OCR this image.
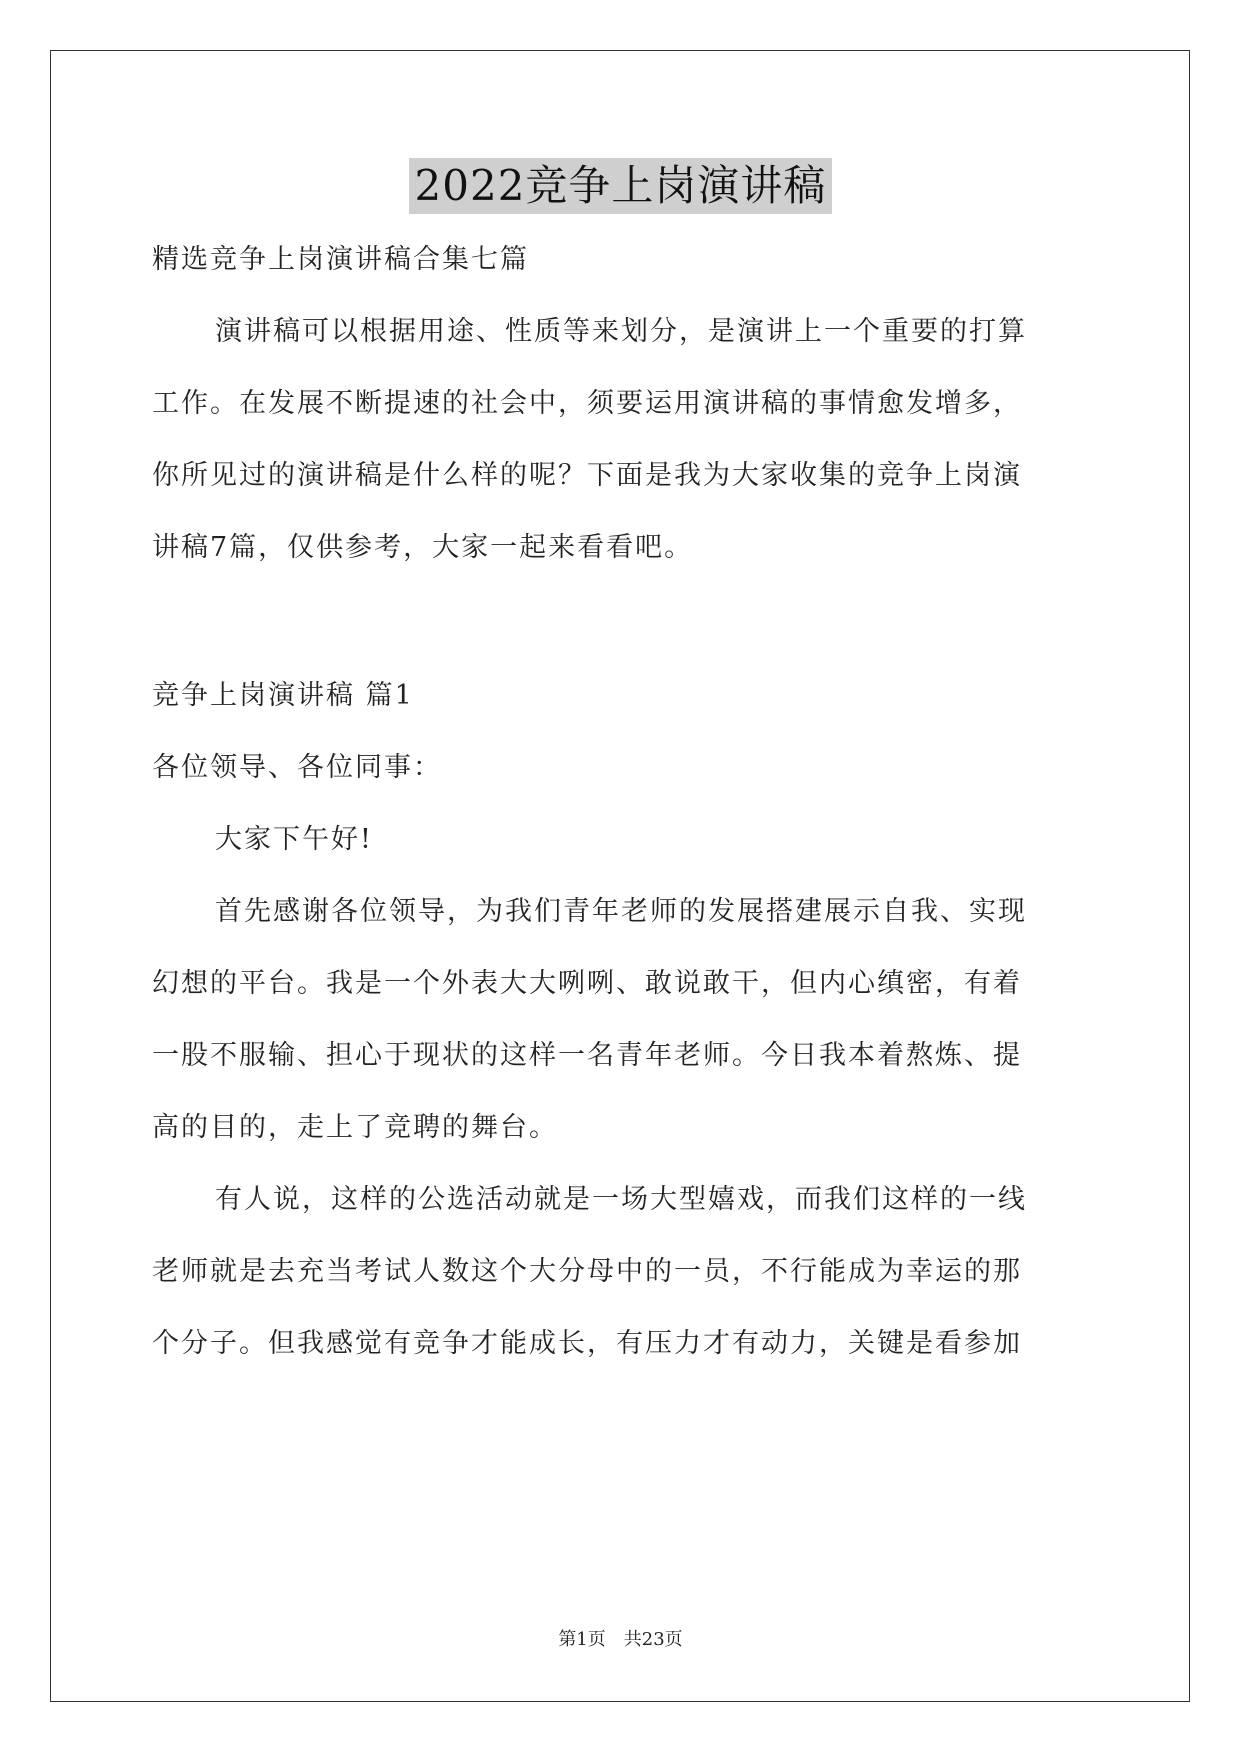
2022竞争上岗演讲稿
精选竞争上岗演讲稿合集七篇
演讲稿可以根据用途、性质等来划分，是演讲上一个重要的打算
工作。在发展不断提速的社会中，须要运用演讲稿的事情愈发增多，
你所见过的演讲稿是什么样的呢？下面是我为大家收集的竞争上岗演
讲稿7篇，仅供参考，大家一起来看看吧。
竞争上岗演讲稿 篇1
各位领导、各位同事：
大家下午好!
首先感谢各位领导，为我们青年老师的发展搭建展示自我、实现
幻想的平台。我是一个外表大大咧咧、敢说敢干，但内心缜密，有着
一股不服输、担心于现状的这样一名青年老师。今日我本着熬炼、提
高的目的，走上了竞聘的舞台。
有人说，这样的公选活动就是一场大型嬉戏，而我们这样的一线
老师就是去充当考试人数这个大分母中的一员，不行能成为幸运的那
个分子。但我感觉有竞争才能成长，有压力才有动力，关键是看参加
第1页 共23页
